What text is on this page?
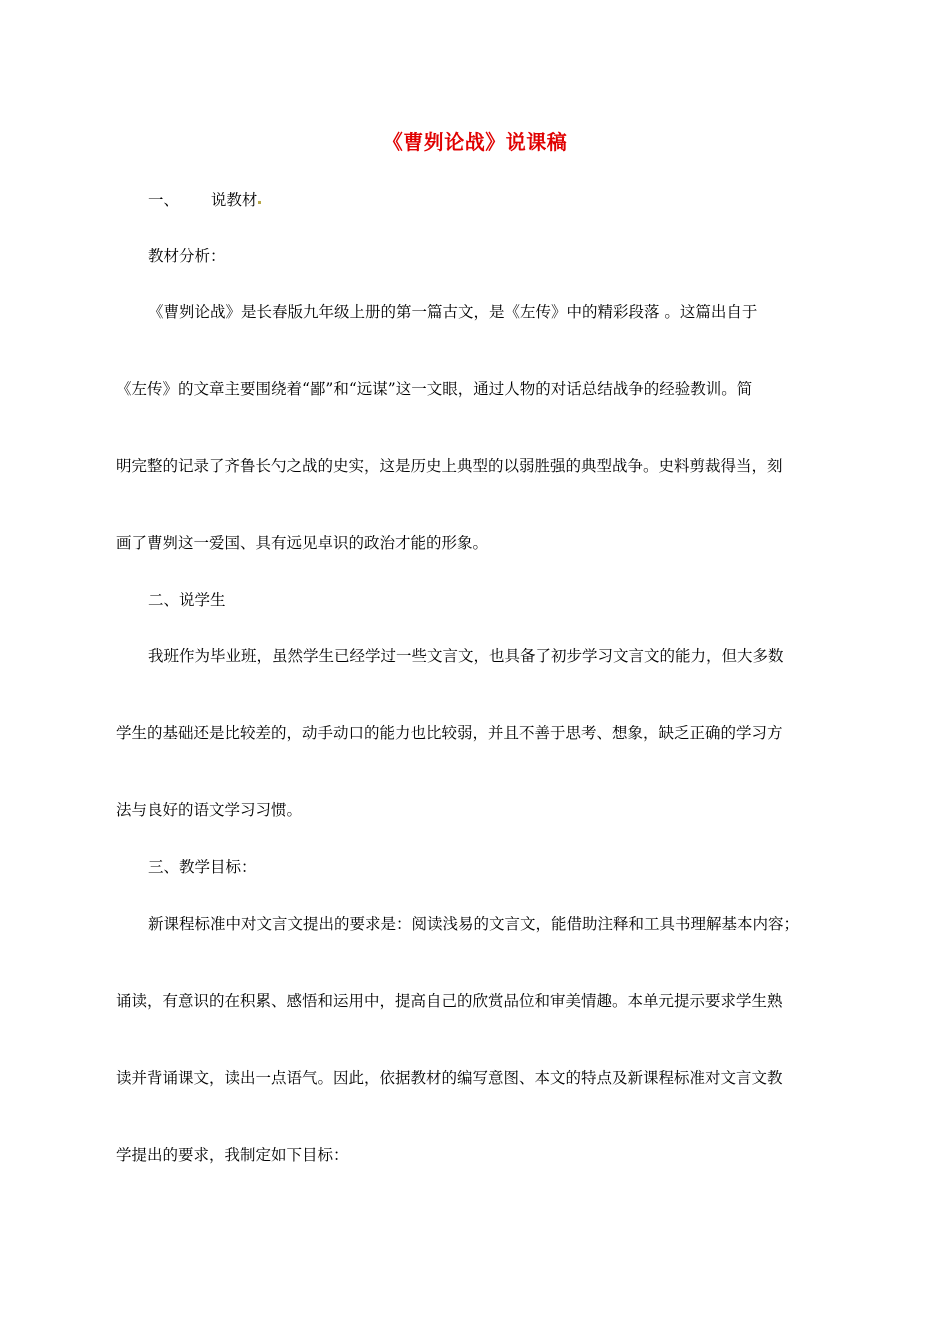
《曹刿论战》说课稿
一、 说教材
教材分析：
《曹刿论战》是长春版九年级上册的第一篇古文，是《左传》中的精彩段落 。这篇出自于
《左传》的文章主要围绕着“鄙”和“远谋”这一文眼，通过人物的对话总结战争的经验教训。简
明完整的记录了齐鲁长勺之战的史实，这是历史上典型的以弱胜强的典型战争。史料剪裁得当，刻
画了曹刿这一爱国、具有远见卓识的政治才能的形象。
二、说学生
我班作为毕业班，虽然学生已经学过一些文言文，也具备了初步学习文言文的能力，但大多数
学生的基础还是比较差的，动手动口的能力也比较弱，并且不善于思考、想象，缺乏正确的学习方
法与良好的语文学习习惯。
三、教学目标：
新课程标准中对文言文提出的要求是：阅读浅易的文言文，能借助注释和工具书理解基本内容；
诵读，有意识的在积累、感悟和运用中，提高自己的欣赏品位和审美情趣。本单元提示要求学生熟
读并背诵课文，读出一点语气。因此，依据教材的编写意图、本文的特点及新课程标准对文言文教
学提出的要求，我制定如下目标：
